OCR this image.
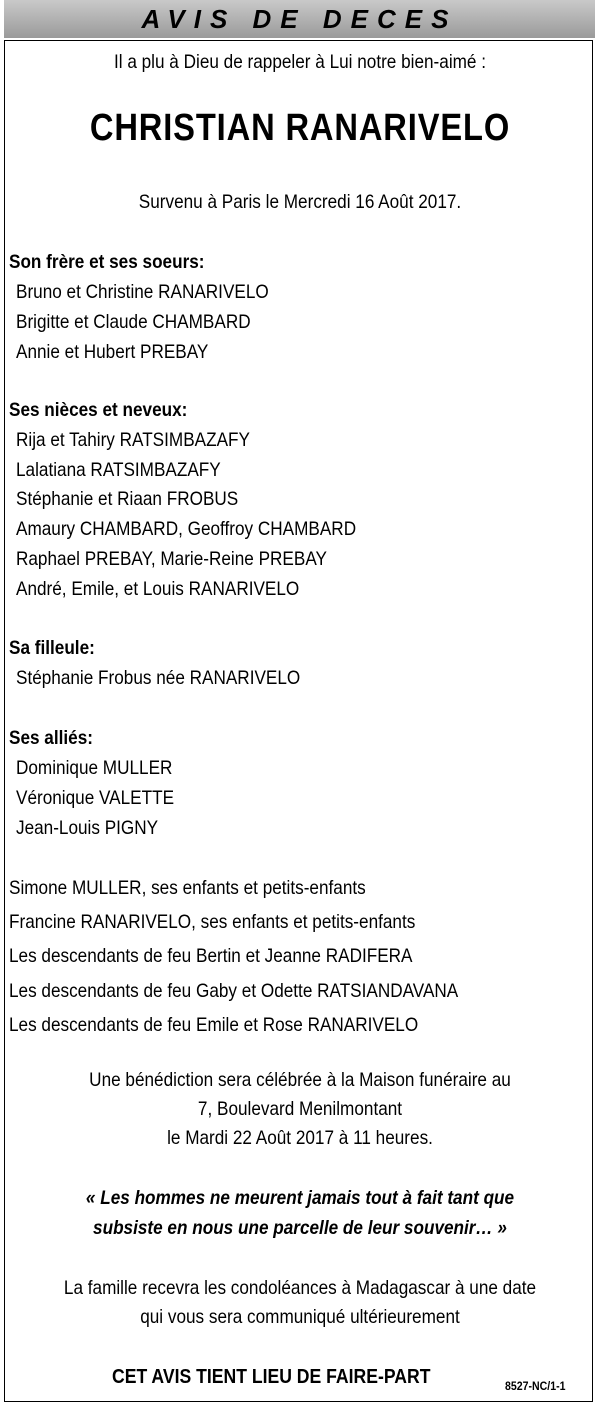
AVIS DE DECES
Il a plu à Dieu de rappeler à Lui notre bien-aimé :
CHRISTIAN RANARIVELO
Survenu à Paris le Mercredi 16 Août 2017.
Son frère et ses soeurs:
Bruno et Christine RANARIVELO
Brigitte et Claude CHAMBARD
Annie et Hubert PREBAY
Ses nièces et neveux:
Rija et Tahiry RATSIMBAZAFY
Lalatiana RATSIMBAZAFY
Stéphanie et Riaan FROBUS
Amaury CHAMBARD, Geoffroy CHAMBARD
Raphael PREBAY, Marie-Reine PREBAY
André, Emile, et Louis RANARIVELO
Sa filleule:
Stéphanie Frobus née RANARIVELO
Ses alliés:
Dominique MULLER
Véronique VALETTE
Jean-Louis PIGNY
Simone MULLER, ses enfants et petits-enfants
Francine RANARIVELO, ses enfants et petits-enfants
Les descendants de feu Bertin et Jeanne RADIFERA
Les descendants de feu Gaby et Odette RATSIANDAVANA
Les descendants de feu Emile et Rose RANARIVELO
Une bénédiction sera célébrée à la Maison funéraire au
7, Boulevard Menilmontant
le Mardi 22 Août 2017 à 11 heures.
« Les hommes ne meurent jamais tout à fait tant que
subsiste en nous une parcelle de leur souvenir… »
La famille recevra les condoléances à Madagascar à une date
qui vous sera communiqué ultérieurement
CET AVIS TIENT LIEU DE FAIRE-PART	8527-NC/1-1
